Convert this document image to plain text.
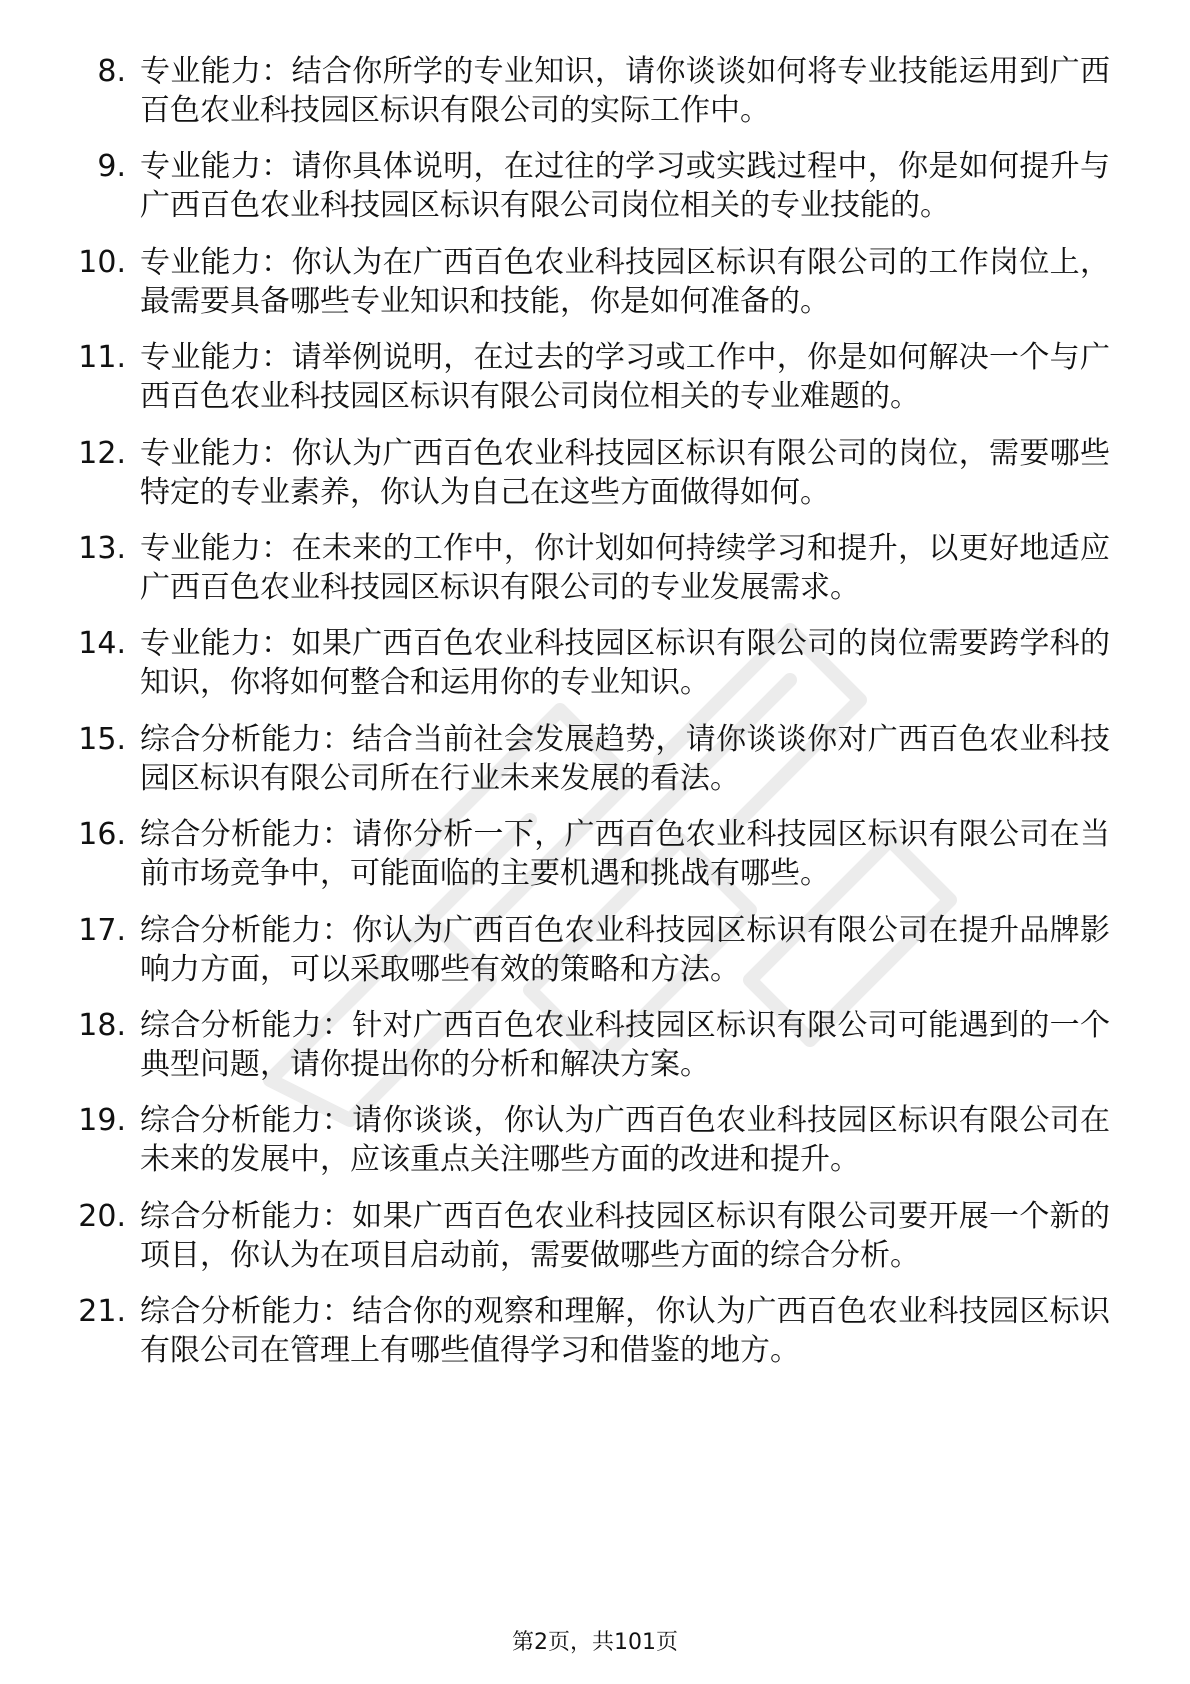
8. 专业能力：结合你所学的专业知识，请你谈谈如何将专业技能运用到广西百色农业科技园区标识有限公司的实际工作中。
9. 专业能力：请你具体说明，在过往的学习或实践过程中，你是如何提升与广西百色农业科技园区标识有限公司岗位相关的专业技能的。
10. 专业能力：你认为在广西百色农业科技园区标识有限公司的工作岗位上，最需要具备哪些专业知识和技能，你是如何准备的。
11. 专业能力：请举例说明，在过去的学习或工作中，你是如何解决一个与广西百色农业科技园区标识有限公司岗位相关的专业难题的。
12. 专业能力：你认为广西百色农业科技园区标识有限公司的岗位，需要哪些特定的专业素养，你认为自己在这些方面做得如何。
13. 专业能力：在未来的工作中，你计划如何持续学习和提升，以更好地适应广西百色农业科技园区标识有限公司的专业发展需求。
14. 专业能力：如果广西百色农业科技园区标识有限公司的岗位需要跨学科的知识，你将如何整合和运用你的专业知识。
15. 综合分析能力：结合当前社会发展趋势，请你谈谈你对广西百色农业科技园区标识有限公司所在行业未来发展的看法。
16. 综合分析能力：请你分析一下，广西百色农业科技园区标识有限公司在当前市场竞争中，可能面临的主要机遇和挑战有哪些。
17. 综合分析能力：你认为广西百色农业科技园区标识有限公司在提升品牌影响力方面，可以采取哪些有效的策略和方法。
18. 综合分析能力：针对广西百色农业科技园区标识有限公司可能遇到的一个典型问题，请你提出你的分析和解决方案。
19. 综合分析能力：请你谈谈，你认为广西百色农业科技园区标识有限公司在未来的发展中，应该重点关注哪些方面的改进和提升。
20. 综合分析能力：如果广西百色农业科技园区标识有限公司要开展一个新的项目，你认为在项目启动前，需要做哪些方面的综合分析。
21. 综合分析能力：结合你的观察和理解，你认为广西百色农业科技园区标识有限公司在管理上有哪些值得学习和借鉴的地方。
第2页，共101页
